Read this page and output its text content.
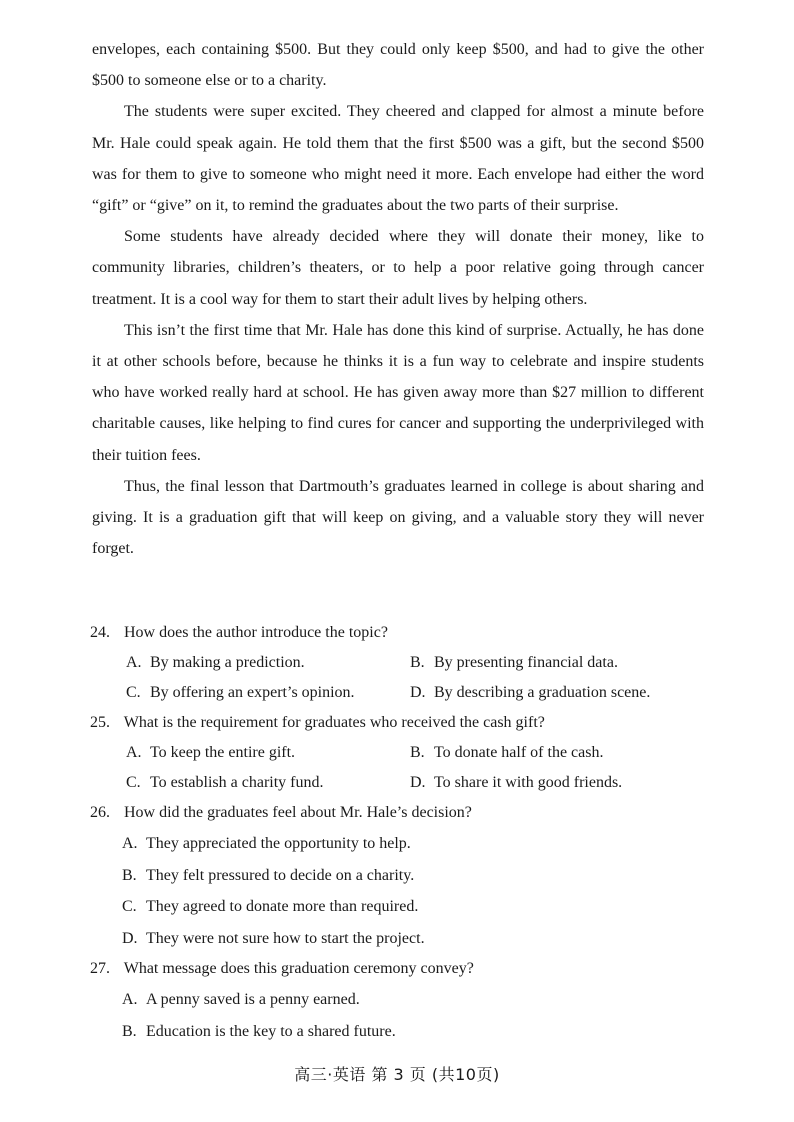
envelopes, each containing $500. But they could only keep $500, and had to give the other $500 to someone else or to a charity.

The students were super excited. They cheered and clapped for almost a minute before Mr. Hale could speak again. He told them that the first $500 was a gift, but the second $500 was for them to give to someone who might need it more. Each envelope had either the word “gift” or “give” on it, to remind the graduates about the two parts of their surprise.

Some students have already decided where they will donate their money, like to community libraries, children’s theaters, or to help a poor relative going through cancer treatment. It is a cool way for them to start their adult lives by helping others.

This isn’t the first time that Mr. Hale has done this kind of surprise. Actually, he has done it at other schools before, because he thinks it is a fun way to celebrate and inspire students who have worked really hard at school. He has given away more than $27 million to different charitable causes, like helping to find cures for cancer and supporting the underprivileged with their tuition fees.

Thus, the final lesson that Dartmouth’s graduates learned in college is about sharing and giving. It is a graduation gift that will keep on giving, and a valuable story they will never forget.

24. How does the author introduce the topic?
A. By making a prediction.	B. By presenting financial data.
C. By offering an expert’s opinion.	D. By describing a graduation scene.
25. What is the requirement for graduates who received the cash gift?
A. To keep the entire gift.	B. To donate half of the cash.
C. To establish a charity fund.	D. To share it with good friends.
26. How did the graduates feel about Mr. Hale’s decision?
A. They appreciated the opportunity to help.
B. They felt pressured to decide on a charity.
C. They agreed to donate more than required.
D. They were not sure how to start the project.
27. What message does this graduation ceremony convey?
A. A penny saved is a penny earned.
B. Education is the key to a shared future.
高三·英语 第 3 页 (共10页)
